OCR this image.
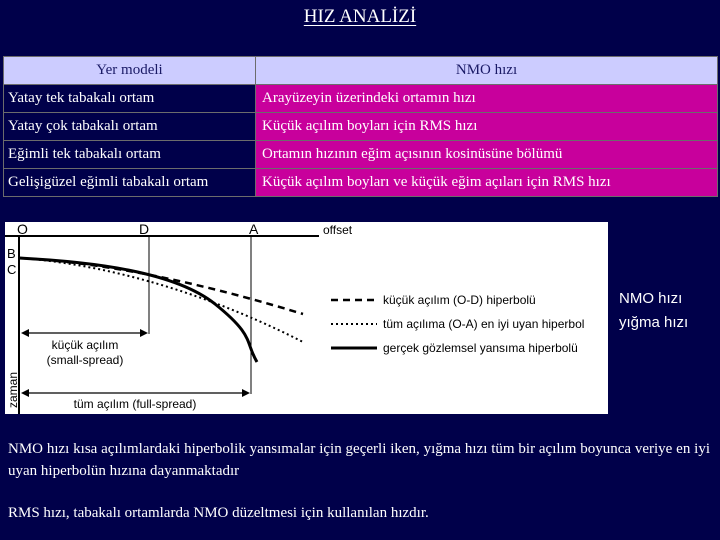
HIZ ANALİZİ
Yer modeli	NMO hızı
Yatay tek tabakalı ortam	Arayüzeyin üzerindeki ortamın hızı
Yatay çok tabakalı ortam	Küçük açılım boyları için RMS hızı
Eğimli tek tabakalı ortam	Ortamın hızının eğim açısının kosinüsüne bölümü
Gelişigüzel eğimli tabakalı ortam	Küçük açılım boyları ve küçük eğim açıları için RMS hızı
O	D	A	offset
B
C
zaman
küçük açılım
(small-spread)
tüm açılım (full-spread)
küçük açılım (O-D) hiperbolü
tüm açılıma (O-A) en iyi uyan hiperbol
gerçek gözlemsel yansıma hiperbolü
NMO hızı
yığma hızı
NMO hızı kısa açılımlardaki hiperbolik yansımalar için geçerli iken, yığma hızı tüm bir açılım boyunca veriye en iyi uyan hiperbolün hızına dayanmaktadır
RMS hızı, tabakalı ortamlarda NMO düzeltmesi için kullanılan hızdır.
